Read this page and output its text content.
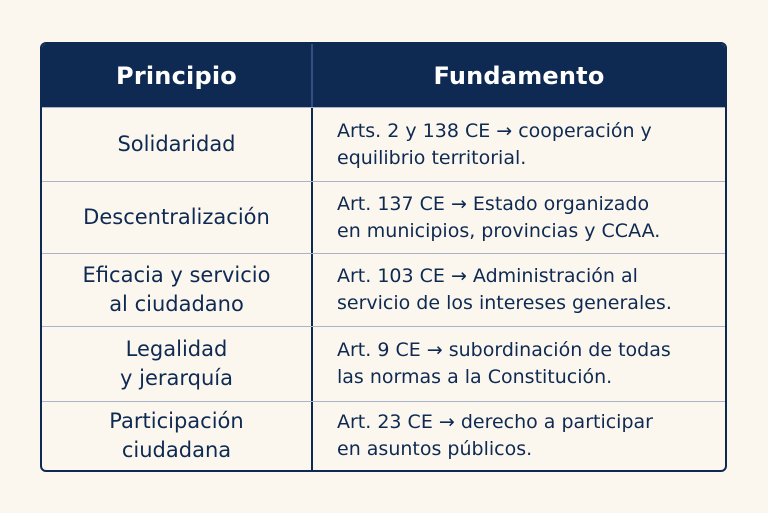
Principio	Fundamento
Solidaridad
Arts. 2 y 138 CE → cooperación y
equilibrio territorial.
Descentralización
Art. 137 CE → Estado organizado
en municipios, provincias y CCAA.
Eficacia y servicio
al ciudadano
Art. 103 CE → Administración al
servicio de los intereses generales.
Legalidad
y jerarquía
Art. 9 CE → subordinación de todas
las normas a la Constitución.
Participación
ciudadana
Art. 23 CE → derecho a participar
en asuntos públicos.
